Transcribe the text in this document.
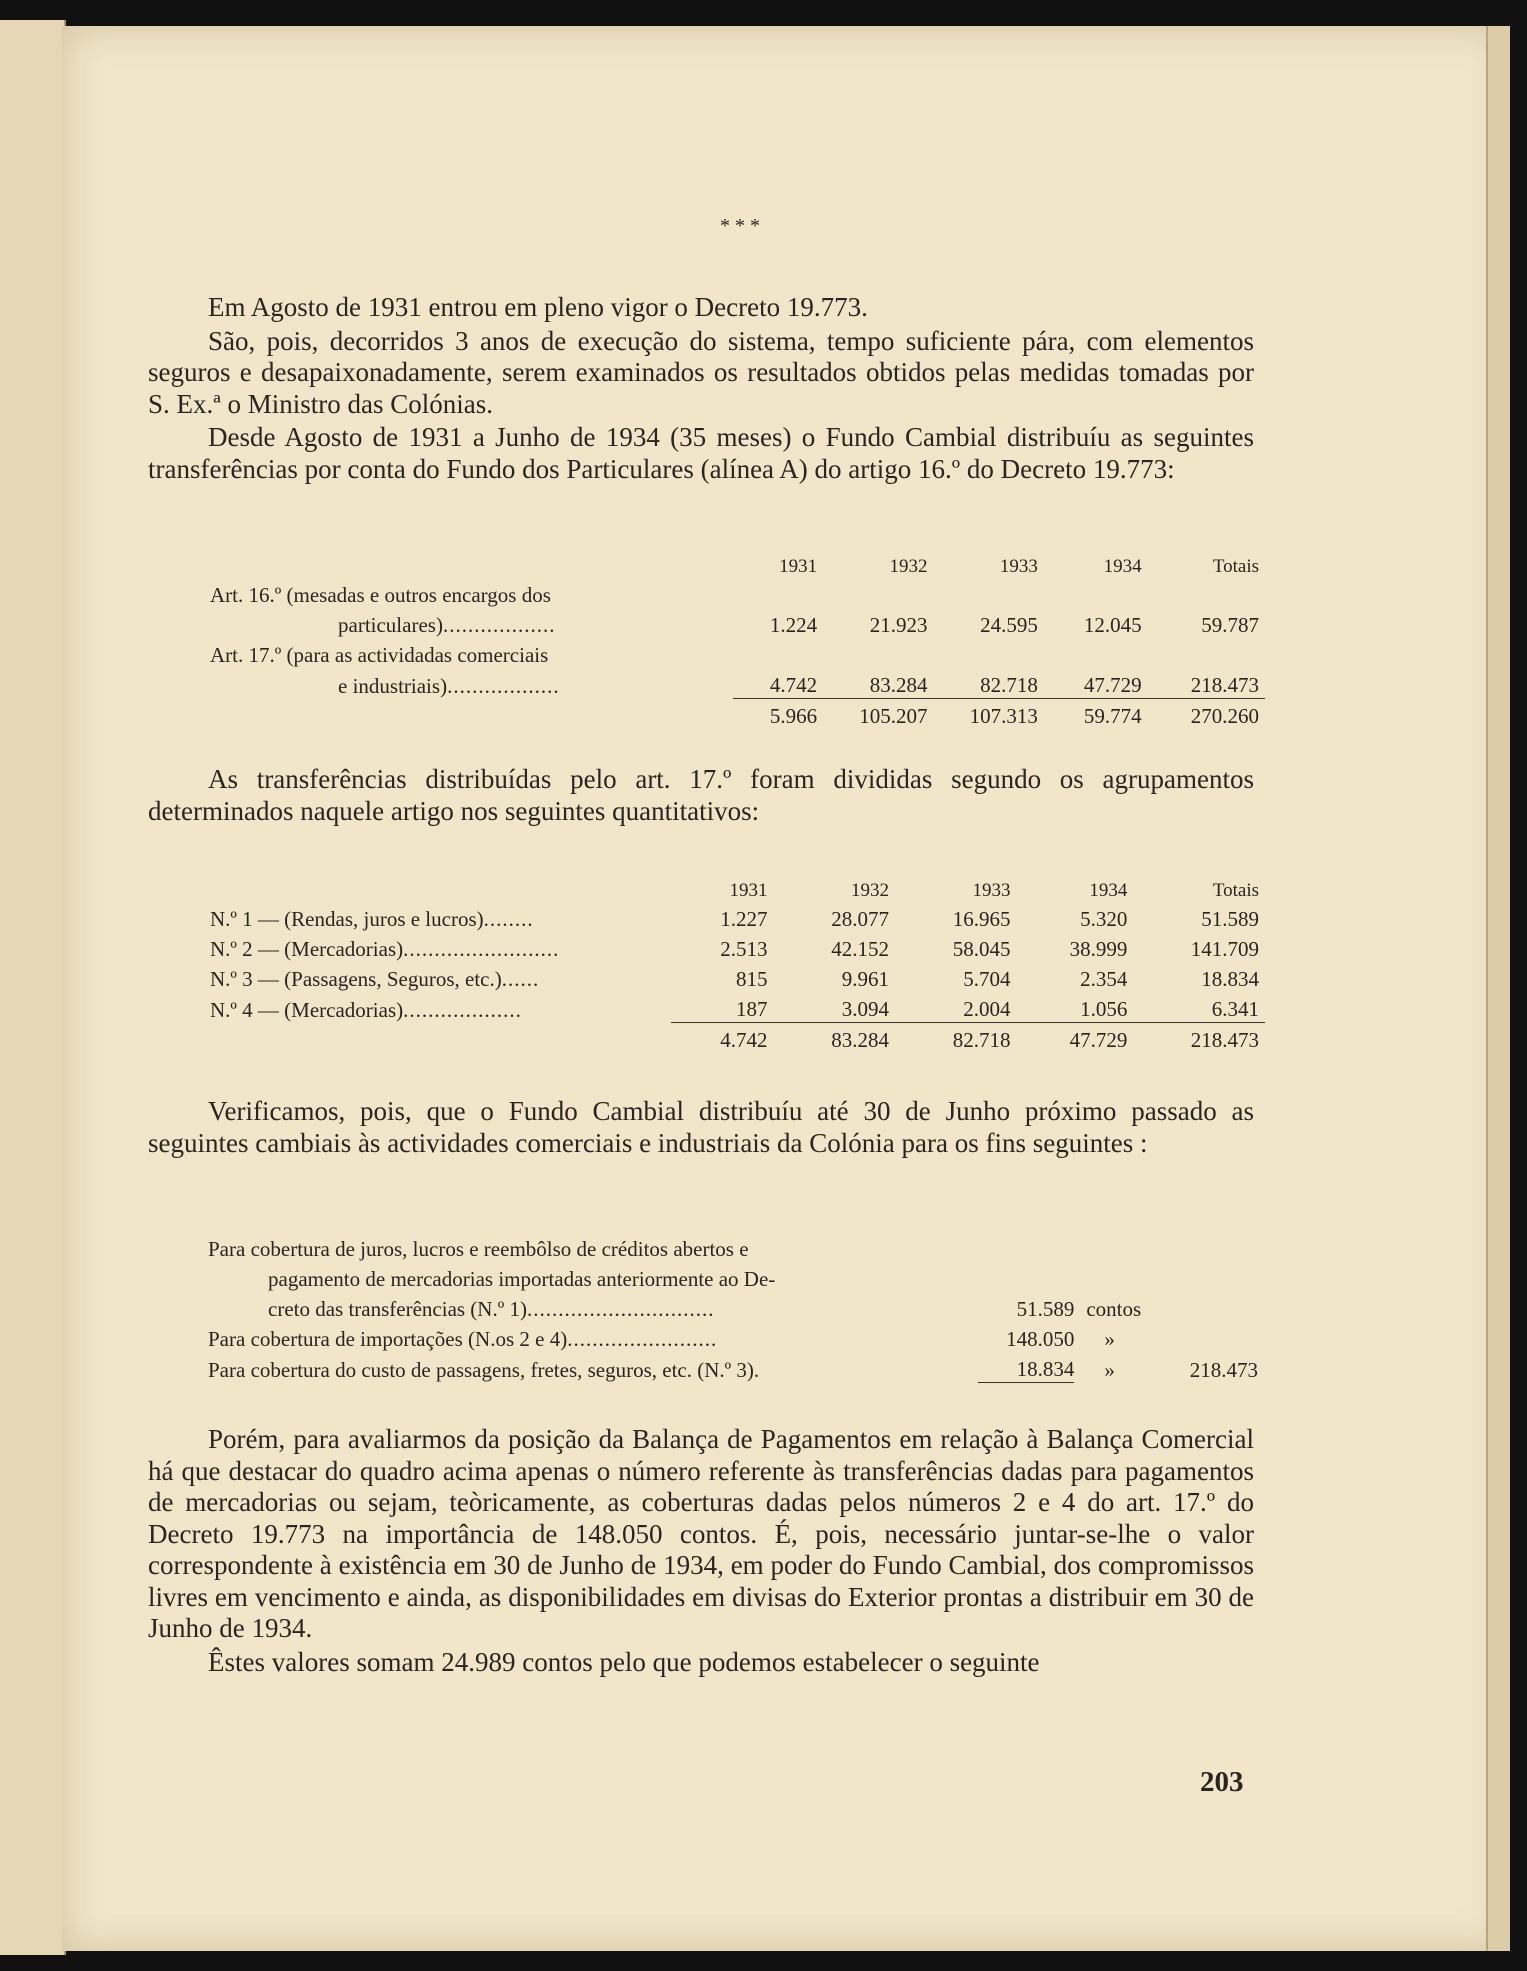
* * *

Em Agosto de 1931 entrou em pleno vigor o Decreto 19.773.

São, pois, decorridos 3 anos de execução do sistema, tempo suficiente pára, com elementos seguros e desapaixonadamente, serem examinados os resultados obtidos pelas medidas tomadas por S. Ex.ª o Ministro das Colónias.

Desde Agosto de 1931 a Junho de 1934 (35 meses) o Fundo Cambial distribuíu as seguintes transferências por conta do Fundo dos Particulares (alínea A) do artigo 16.º do Decreto 19.773:

	1931	1932	1933	1934	Totais
Art. 16.º (mesadas e outros encargos dos					
particulares)..................	1.224	21.923	24.595	12.045	59.787
Art. 17.º (para as actividadas comerciais					
e industriais)..................	4.742	83.284	82.718	47.729	218.473
	5.966	105.207	107.313	59.774	270.260

As transferências distribuídas pelo art. 17.º foram divididas segundo os agrupamentos determinados naquele artigo nos seguintes quantitativos:

	1931	1932	1933	1934	Totais
N.º 1 — (Rendas, juros e lucros)........	1.227	28.077	16.965	5.320	51.589
N.º 2 — (Mercadorias).........................	2.513	42.152	58.045	38.999	141.709
N.º 3 — (Passagens, Seguros, etc.)......	815	9.961	5.704	2.354	18.834
N.º 4 — (Mercadorias)...................	187	3.094	2.004	1.056	6.341
	4.742	83.284	82.718	47.729	218.473

Verificamos, pois, que o Fundo Cambial distribuíu até 30 de Junho próximo passado as seguintes cambiais às actividades comerciais e industriais da Colónia para os fins seguintes :

Para cobertura de juros, lucros e reembôlso de créditos abertos e			
pagamento de mercadorias importadas anteriormente ao De-			
creto das transferências (N.º 1)..............................	51.589	contos	
Para cobertura de importações (N.os 2 e 4)........................	148.050	»	
Para cobertura do custo de passagens, fretes, seguros, etc. (N.º 3).	18.834	»	218.473

Porém, para avaliarmos da posição da Balança de Pagamentos em relação à Balança Comercial há que destacar do quadro acima apenas o número referente às transferências dadas para pagamentos de mercadorias ou sejam, teòricamente, as coberturas dadas pelos números 2 e 4 do art. 17.º do Decreto 19.773 na importância de 148.050 contos. É, pois, necessário juntar-se-lhe o valor correspondente à existência em 30 de Junho de 1934, em poder do Fundo Cambial, dos compromissos livres em vencimento e ainda, as disponibilidades em divisas do Exterior prontas a distribuir em 30 de Junho de 1934.

Êstes valores somam 24.989 contos pelo que podemos estabelecer o seguinte

203
